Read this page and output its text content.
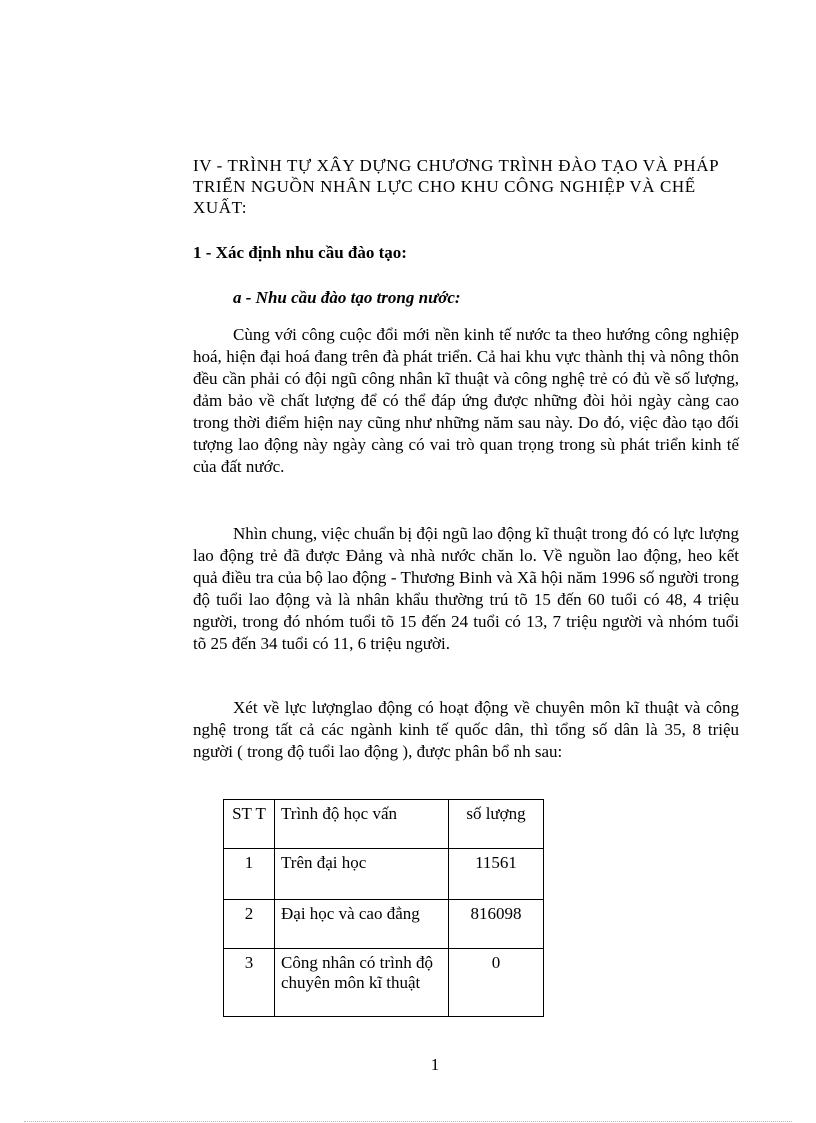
IV - TRÌNH TỰ XÂY DỰNG CHƯƠNG TRÌNH ĐÀO TẠO VÀ PHÁP TRIỂN NGUỒN NHÂN LỰC CHO KHU CÔNG NGHIỆP VÀ CHẾ XUẤT:

1 - Xác định nhu cầu đào tạo:

a - Nhu cầu đào tạo trong nước:

Cùng với công cuộc đổi mới nền kinh tế nước ta theo hướng công nghiệp hoá, hiện đại hoá đang trên đà phát triển. Cả hai khu vực thành thị và nông thôn đều cần phải có đội ngũ công nhân kĩ thuật và công nghệ trẻ có đủ về số lượng, đảm bảo về chất lượng để có thể đáp ứng được những đòi hỏi ngày càng cao trong thời điểm hiện nay cũng như những năm sau này. Do đó, việc đào tạo đối tượng lao động này ngày càng có vai trò quan trọng trong sù phát triển kinh tế của đất nước.

Nhìn chung, việc chuẩn bị đội ngũ lao động kĩ thuật trong đó có lực lượng lao động trẻ đã được Đảng và nhà nước chăn lo. Về nguồn lao động, heo kết quả điều tra của bộ lao động - Thương Binh và Xã hội năm 1996 số người trong độ tuổi lao động và là nhân khẩu thường trú tõ 15 đến 60 tuổi có 48, 4 triệu người, trong đó nhóm tuổi tõ 15 đến 24 tuổi có 13, 7 triệu người và nhóm tuổi tõ 25 đến 34 tuổi có 11, 6 triệu người.

Xét về lực lượnglao động có hoạt động về chuyên môn kĩ thuật và công nghệ trong tất cả các ngành kinh tế quốc dân, thì tổng số dân là 35, 8 triệu người ( trong độ tuổi lao động ), được phân bổ nh sau:

ST T	Trình độ học vấn	số lượng
1	Trên đại học	11561
2	Đại học và cao đẳng	816098
3	Công nhân có trình độ chuyên môn kĩ thuật	0
1
